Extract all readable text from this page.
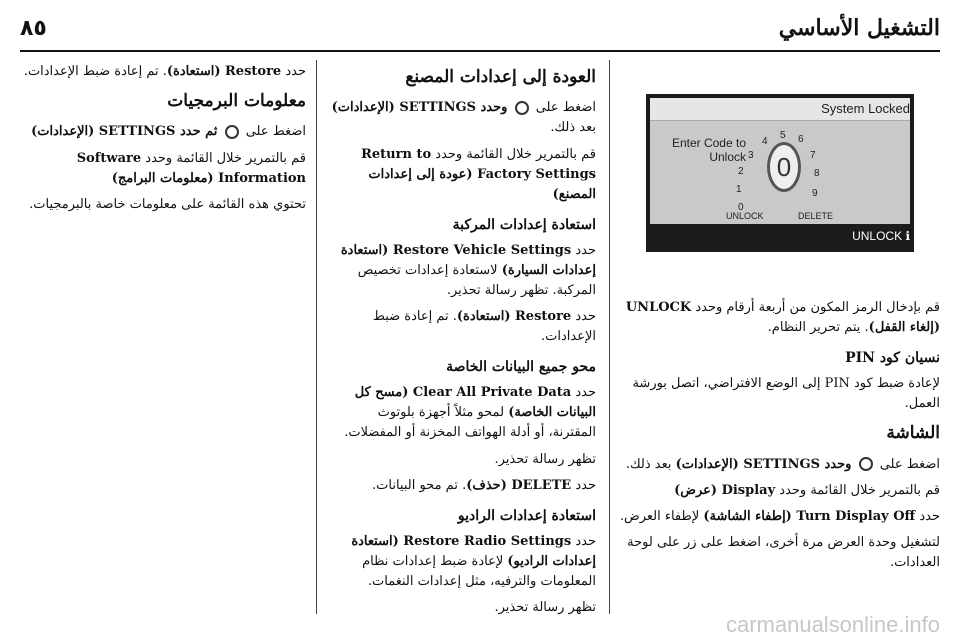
٨٥	التشغيل الأساسي
System Locked
Enter Code to Unlock 3
4
5
2
6
1
7
8
0
9
0
UNLOCK	DELETE
UNLOCK ℹ

قم بإدخال الرمز المكون من أربعة أرقام وحدد UNLOCK (إلغاء القفل). يتم تحرير النظام.

نسيان كود PIN

لإعادة ضبط كود PIN إلى الوضع الافتراضي، اتصل بورشة العمل.

الشاشة

اضغط على  وحدد SETTINGS (الإعدادات) بعد ذلك.

قم بالتمرير خلال القائمة وحدد Display (عرض)

حدد Turn Display Off (إطفاء الشاشة) لإطفاء العرض.

لتشغيل وحدة العرض مرة أخرى، اضغط على زر على لوحة العدادات.

العودة إلى إعدادات المصنع

اضغط على  وحدد SETTINGS (الإعدادات) بعد ذلك.

قم بالتمرير خلال القائمة وحدد Return to Factory Settings (عودة إلى إعدادات المصنع)

استعادة إعدادات المركبة

حدد Restore Vehicle Settings (استعادة إعدادات السيارة) لاستعادة إعدادات تخصيص المركبة. تظهر رسالة تحذير.

حدد Restore (استعادة). تم إعادة ضبط الإعدادات.

محو جميع البيانات الخاصة

حدد Clear All Private Data (مسح كل البيانات الخاصة) لمحو مثلاً أجهزة بلوتوث المقترنة، أو أدلة الهواتف المخزنة أو المفضلات.

تظهر رسالة تحذير.

حدد DELETE (حذف). تم محو البيانات.

استعادة إعدادات الراديو

حدد Restore Radio Settings (استعادة إعدادات الراديو) لإعادة ضبط إعدادات نظام المعلومات والترفيه، مثل إعدادات النغمات.

تظهر رسالة تحذير.

حدد Restore (استعادة). تم إعادة ضبط الإعدادات.

معلومات البرمجيات

اضغط على  ثم حدد SETTINGS (الإعدادات)

قم بالتمرير خلال القائمة وحدد Software Information (معلومات البرامج)

تحتوي هذه القائمة على معلومات خاصة بالبرمجيات.

carmanualsonline.info
